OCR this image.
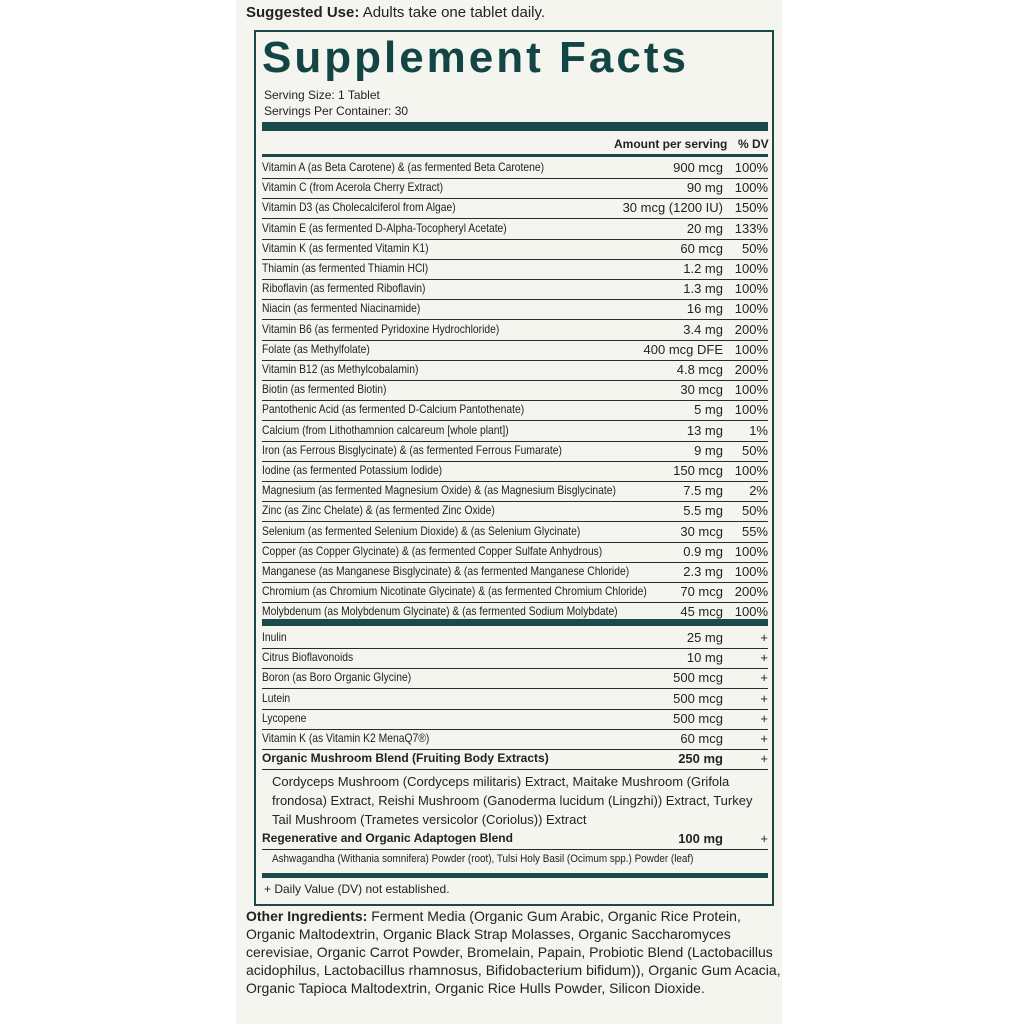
Suggested Use: Adults take one tablet daily.
Supplement Facts
Serving Size: 1 Tablet
Servings Per Container: 30
Amount per serving % DV
Vitamin A (as Beta Carotene) & (as fermented Beta Carotene)	900 mcg 100%
Vitamin C (from Acerola Cherry Extract)	90 mg 100%
Vitamin D3 (as Cholecalciferol from Algae)	30 mcg (1200 IU) 150%
Vitamin E (as fermented D-Alpha-Tocopheryl Acetate)	20 mg 133%
Vitamin K (as fermented Vitamin K1)	60 mcg 50%
Thiamin (as fermented Thiamin HCl)	1.2 mg 100%
Riboflavin (as fermented Riboflavin)	1.3 mg 100%
Niacin (as fermented Niacinamide)	16 mg 100%
Vitamin B6 (as fermented Pyridoxine Hydrochloride)	3.4 mg 200%
Folate (as Methylfolate)	400 mcg DFE 100%
Vitamin B12 (as Methylcobalamin)	4.8 mcg 200%
Biotin (as fermented Biotin)	30 mcg 100%
Pantothenic Acid (as fermented D-Calcium Pantothenate)	5 mg 100%
Calcium (from Lithothamnion calcareum [whole plant])	13 mg 1%
Iron (as Ferrous Bisglycinate) & (as fermented Ferrous Fumarate)	9 mg 50%
Iodine (as fermented Potassium Iodide)	150 mcg 100%
Magnesium (as fermented Magnesium Oxide) & (as Magnesium Bisglycinate)	7.5 mg 2%
Zinc (as Zinc Chelate) & (as fermented Zinc Oxide)	5.5 mg 50%
Selenium (as fermented Selenium Dioxide) & (as Selenium Glycinate)	30 mcg 55%
Copper (as Copper Glycinate) & (as fermented Copper Sulfate Anhydrous)	0.9 mg 100%
Manganese (as Manganese Bisglycinate) & (as fermented Manganese Chloride)	2.3 mg 100%
Chromium (as Chromium Nicotinate Glycinate) & (as fermented Chromium Chloride)	70 mcg 200%
Molybdenum (as Molybdenum Glycinate) & (as fermented Sodium Molybdate)	45 mcg 100%
Inulin	25 mg	+
Citrus Bioflavonoids	10 mg	+
Boron (as Boro Organic Glycine)	500 mcg	+
Lutein	500 mcg	+
Lycopene	500 mcg	+
Vitamin K (as Vitamin K2 MenaQ7®)	60 mcg	+
Organic Mushroom Blend (Fruiting Body Extracts)	250 mg	+
Cordyceps Mushroom (Cordyceps militaris) Extract, Maitake Mushroom (Grifola frondosa) Extract, Reishi Mushroom (Ganoderma lucidum (Lingzhi)) Extract, Turkey Tail Mushroom (Trametes versicolor (Coriolus)) Extract
Regenerative and Organic Adaptogen Blend	100 mg	+
Ashwagandha (Withania somnifera) Powder (root), Tulsi Holy Basil (Ocimum spp.) Powder (leaf)
+ Daily Value (DV) not established.
Other Ingredients: Ferment Media (Organic Gum Arabic, Organic Rice Protein, Organic Maltodextrin, Organic Black Strap Molasses, Organic Saccharomyces cerevisiae, Organic Carrot Powder, Bromelain, Papain, Probiotic Blend (Lactobacillus acidophilus, Lactobacillus rhamnosus, Bifidobacterium bifidum)), Organic Gum Acacia, Organic Tapioca Maltodextrin, Organic Rice Hulls Powder, Silicon Dioxide.
